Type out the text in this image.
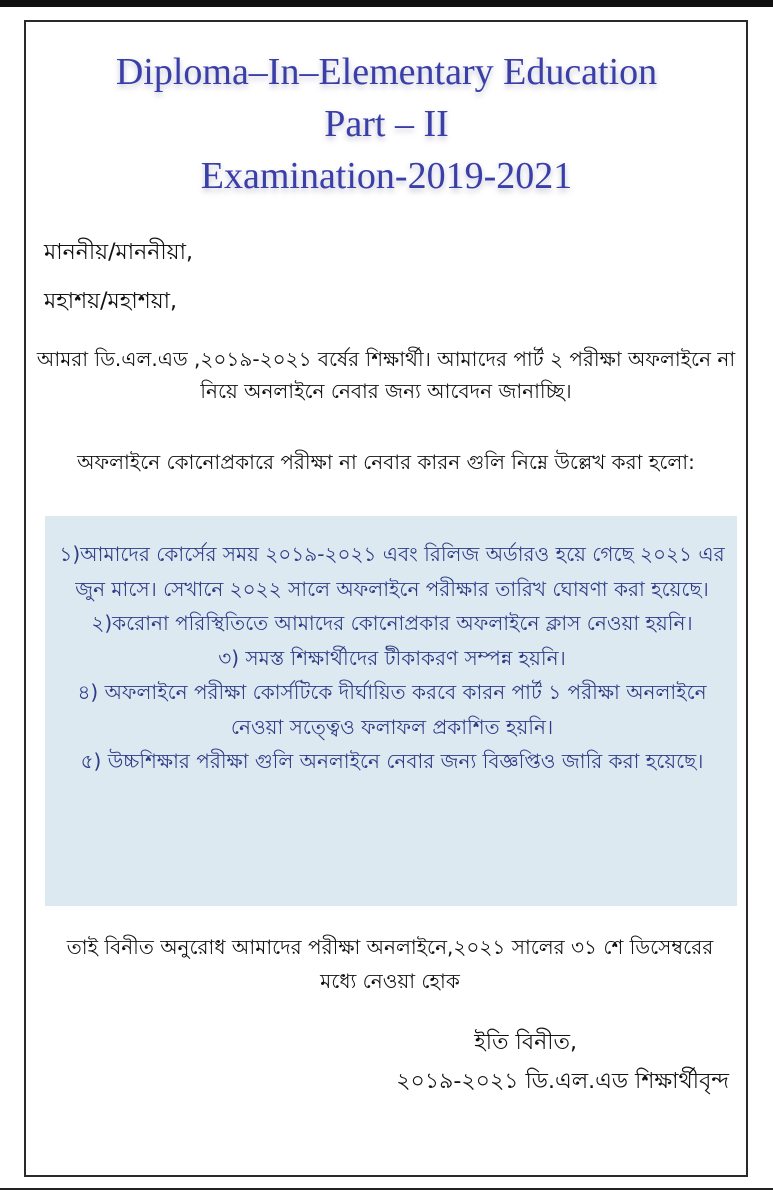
Diploma–In–Elementary Education
Part – II
Examination-2019-2021
মাননীয়/মাননীয়া,
মহাশয়/মহাশয়া,
আমরা ডি.এল.এড ,২০১৯-২০২১ বর্ষের শিক্ষার্থী। আমাদের পার্ট ২ পরীক্ষা অফলাইনে না নিয়ে অনলাইনে নেবার জন্য আবেদন জানাচ্ছি।
অফলাইনে কোনোপ্রকারে পরীক্ষা না নেবার কারন গুলি নিম্নে উল্লেখ করা হলো:
১)আমাদের কোর্সের সময় ২০১৯-২০২১ এবং রিলিজ অর্ডারও হয়ে গেছে ২০২১ এর জুন মাসে। সেখানে ২০২২ সালে অফলাইনে পরীক্ষার তারিখ ঘোষণা করা হয়েছে।
২)করোনা পরিস্থিতিতে আমাদের কোনোপ্রকার অফলাইনে ক্লাস নেওয়া হয়নি।
৩) সমস্ত শিক্ষার্থীদের টীকাকরণ সম্পন্ন হয়নি।
৪) অফলাইনে পরীক্ষা কোর্সটিকে দীর্ঘায়িত করবে কারন পার্ট ১ পরীক্ষা অনলাইনে নেওয়া সত্ত্বেও ফলাফল প্রকাশিত হয়নি।
৫) উচ্চশিক্ষার পরীক্ষা গুলি অনলাইনে নেবার জন্য বিজ্ঞপ্তিও জারি করা হয়েছে।
তাই বিনীত অনুরোধ আমাদের পরীক্ষা অনলাইনে,২০২১ সালের ৩১ শে ডিসেম্বরের মধ্যে নেওয়া হোক
ইতি বিনীত,
২০১৯-২০২১ ডি.এল.এড শিক্ষার্থীবৃন্দ
